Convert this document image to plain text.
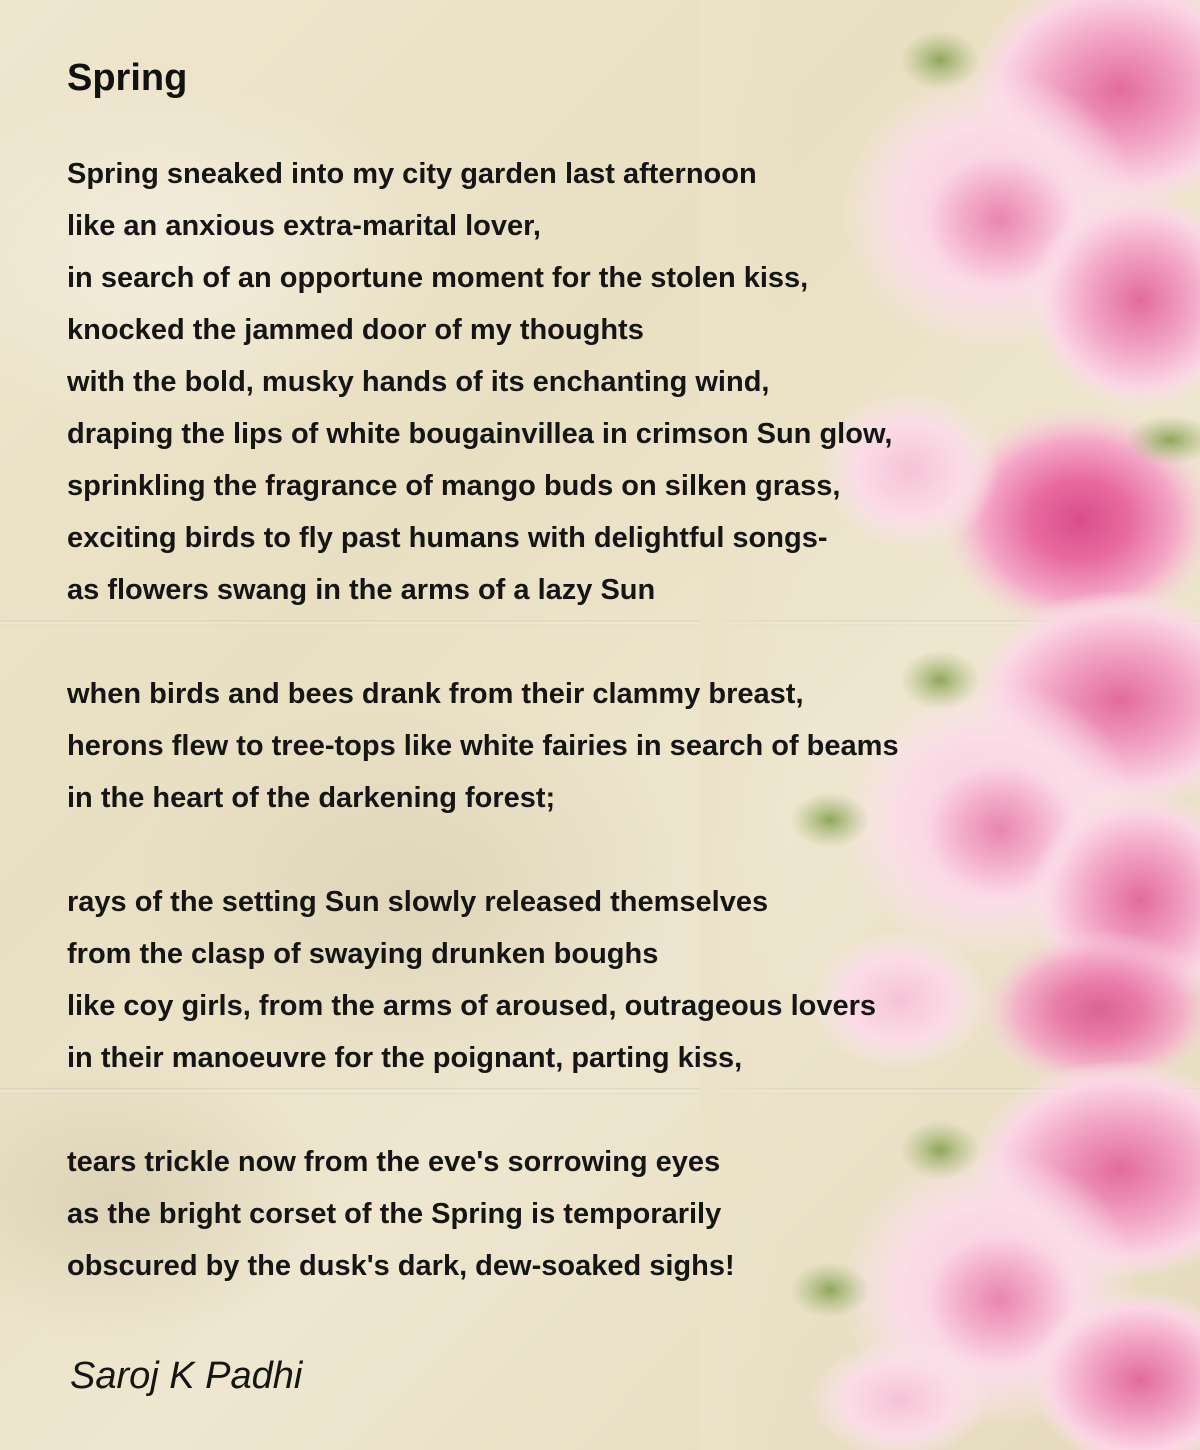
Spring

Spring sneaked into my city garden last afternoon
like an anxious extra-marital lover,
in search of an opportune moment for the stolen kiss,
knocked the jammed door of my thoughts
with the bold, musky hands of its enchanting wind,
draping the lips of white bougainvillea in crimson Sun glow,
sprinkling the fragrance of mango buds on silken grass,
exciting birds to fly past humans with delightful songs-
as flowers swang in the arms of a lazy Sun

when birds and bees drank from their clammy breast,
herons flew to tree-tops like white fairies in search of beams
in the heart of the darkening forest;

rays of the setting Sun slowly released themselves
from the clasp of swaying drunken boughs
like coy girls, from the arms of aroused, outrageous lovers
in their manoeuvre for the poignant, parting kiss,

tears trickle now from the eve's sorrowing eyes
as the bright corset of the Spring is temporarily
obscured by the dusk's dark, dew-soaked sighs!

Saroj K Padhi
